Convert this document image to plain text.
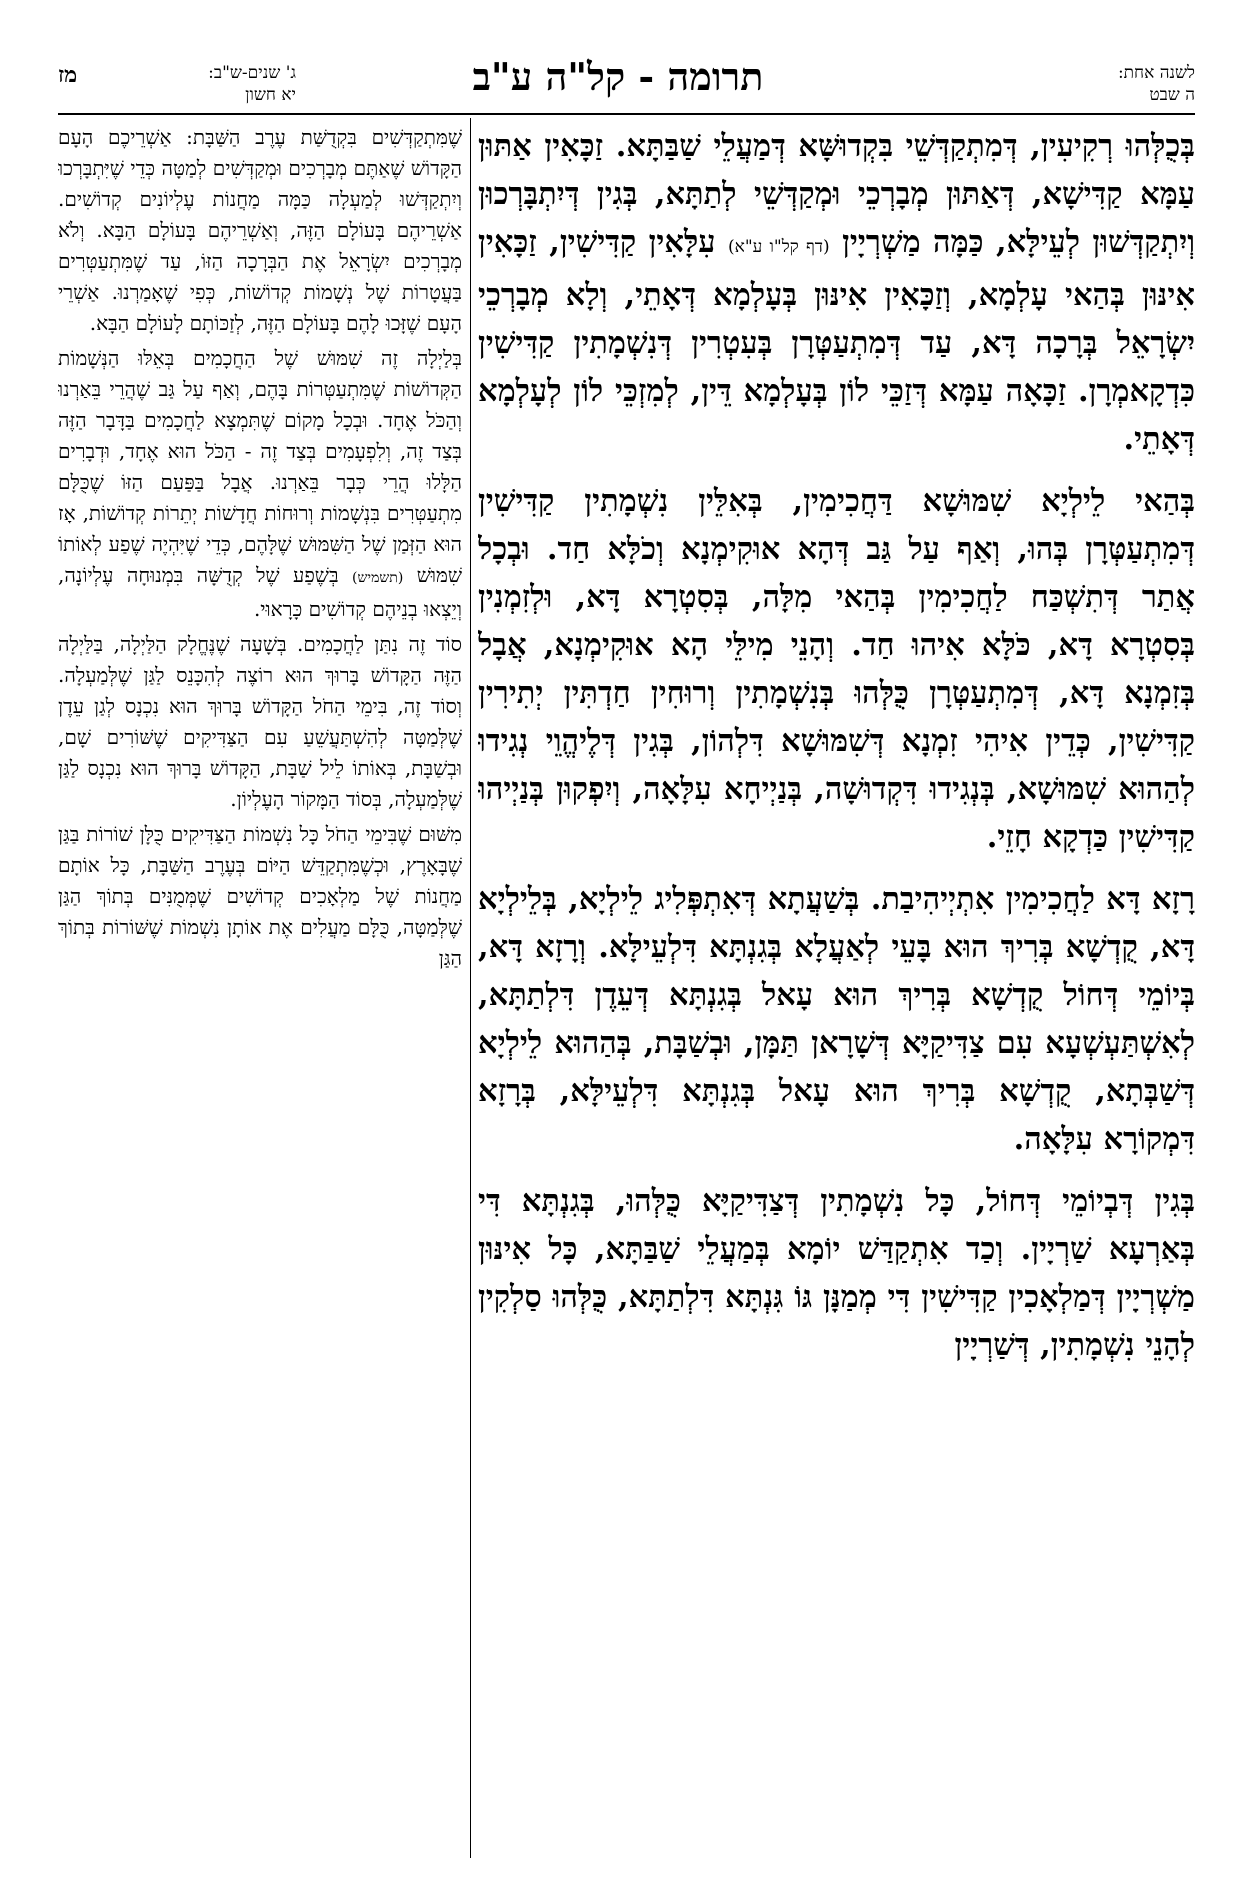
מז	ג' שנים-ש"ב:
יא חשון	תרומה - קל"ה ע"ב	לשנה אחת:
ה שבט

בְּכֻלְּהוּ רְקִיעִין, דְּמִתְקַדְּשֵׁי בִּקְדוּשָּׁא דְּמַעֲלֵי שַׁבַּתָּא. זַכָּאִין אַתּוּן עַמָּא קַדִּישָׁא, דְּאַתּוּן מְבָרְכֵי וּמְקַדְּשֵׁי לְתַתָּא, בְּגִין דְּיִתְבָּרְכוּן וְיִתְקַדְּשׁוּן לְעֵילָּא, כַּמָּה מַשְׁרְיָין (דף קל"ו ע"א) עִלָּאִין קַדִּישִׁין, זַכָּאִין אִינּוּן בְּהַאי עָלְמָא, וְזַכָּאִין אִינּוּן בְּעָלְמָא דְּאָתֵי, וְלָא מְבָרְכֵי יִשְׂרָאֵל בְּרָכָה דָּא, עַד דְּמִתְעַטְּרָן בְּעִטְרִין דְּנִשְׁמָתִין קַדִּישִׁין כִּדְקָאמְרָן. זַכָּאָה עַמָּא דְּזַכֵּי לוֹן בְּעָלְמָא דֵּין, לְמִזְכֵּי לוֹן לְעָלְמָא דְּאָתֵי.

בְּהַאי לֵילְיָא שִׁמּוּשָׁא דַּחֲכִימִין, בְּאִלֵּין נִשְׁמָתִין קַדִּישִׁין דְּמִתְעַטְּרָן בְּהוּ, וְאַף עַל גַּב דְּהָא אוּקִימְנָא וְכֹלָּא חַד. וּבְכָל אֲתַר דְּתִשְׁכַּח לַחֲכִימִין בְּהַאי מִלָּה, בְּסִטְרָא דָּא, וּלְזִמְנִין בְּסִטְרָא דָּא, כֹּלָּא אִיהוּ חַד. וְהָנֵי מִילֵּי הָא אוּקִימְנָא, אֲבָל בְּזִמְנָא דָּא, דְּמִתְעַטְּרָן כֻּלְּהוּ בְּנִשְׁמָתִין וְרוּחִין חַדְתִּין יְתִירִין קַדִּישִׁין, כְּדֵין אִיהִי זִמְנָא דְּשִׁמּוּשָׁא דִּלְהוֹן, בְּגִין דְּלֶיהֱוֵי נְגִידוּ לְהַהוּא שִׁמּוּשָׁא, בְּנְגִידוּ דִּקְדוּשָׁה, בְּנַיְיחָא עִלָּאָה, וְיִפְקוּן בְּנַיְיהוּ קַדִּישִׁין כַּדְקָא חָזֵי.

רָזָא דָּא לַחֲכִימִין אִתְיְיהִיבַת. בְּשַׁעֲתָא דְּאִתְפְּלִיג לֵילְיָא, בְּלֵילְיָא דָּא, קֻדְשָׁא בְּרִיךְ הוּא בָּעֵי לְאַעֲלָא בְּגִנְתָּא דִּלְעֵילָּא. וְרָזָא דָּא, בְּיוֹמֵי דְּחוֹל קֻדְשָׁא בְּרִיךְ הוּא עָאל בְּגִנְתָּא דְּעֵדֶן דִּלְתַתָּא, לְאִשְׁתַּעְשְׁעָא עִם צַדִּיקַיָּא דְּשָׁרָאן תַּמָּן, וּבְשַׁבָּת, בְּהַהוּא לֵילְיָא דְּשַׁבְּתָא, קֻדְשָׁא בְּרִיךְ הוּא עָאל בְּגִנְתָּא דִּלְעֵילָּא, בְּרָזָא דִּמְקוֹרָא עִלָּאָה.

בְּגִין דְּבְיוֹמֵי דְּחוֹל, כָּל נִשְׁמָתִין דְּצַדִּיקַיָּא כֻּלְּהוּ, בְּגִנְתָּא דִּי בְּאַרְעָא שַׁרְיָין. וְכַד אִתְקַדַּשׁ יוֹמָא בְּמַעֲלֵי שַׁבַּתָּא, כָּל אִינּוּן מַשְׁרְיָין דְּמַלְאָכִין קַדִּישִׁין דִּי מְמַנָּן גּוֹ גִּנְתָּא דִּלְתַתָּא, כֻּלְּהוּ סַלְקִין לְהָנֵי נִשְׁמָתִין, דְּשַׁרְיָין

שֶׁמִּתְקַדְּשִׁים בִּקְדֻשַּׁת עֶרֶב הַשַּׁבָּת: אַשְׁרֵיכֶם הָעָם הַקָּדוֹשׁ שֶׁאַתֶּם מְבָרְכִים וּמְקַדְּשִׁים לְמַטָּה כְּדֵי שֶׁיִּתְבָּרְכוּ וְיִתְקַדְּשׁוּ לְמַעְלָה כַּמָּה מַחֲנוֹת עֶלְיוֹנִים קְדוֹשִׁים. אַשְׁרֵיהֶם בָּעוֹלָם הַזֶּה, וְאַשְׁרֵיהֶם בָּעוֹלָם הַבָּא. וְלֹא מְבָרְכִים יִשְׂרָאֵל אֶת הַבְּרָכָה הַזּוֹ, עַד שֶׁמִּתְעַטְּרִים בַּעֲטָרוֹת שֶׁל נְשָׁמוֹת קְדוֹשׁוֹת, כְּפִי שֶׁאָמַרְנוּ. אַשְׁרֵי הָעָם שֶׁזָּכוּ לָהֶם בָּעוֹלָם הַזֶּה, לְזַכּוֹתָם לָעוֹלָם הַבָּא.

בְּלַיְלָה זֶה שִׁמּוּשׁ שֶׁל הַחֲכָמִים בְּאֵלּוּ הַנְּשָׁמוֹת הַקְּדוֹשׁוֹת שֶׁמִּתְעַטְּרוֹת בָּהֶם, וְאַף עַל גַּב שֶׁהֲרֵי בֵּאַרְנוּ וְהַכֹּל אֶחָד. וּבְכָל מָקוֹם שֶׁתִּמְצָא לַחֲכָמִים בַּדָּבָר הַזֶּה בְּצַד זֶה, וְלִפְעָמִים בְּצַד זֶה - הַכֹּל הוּא אֶחָד, וּדְבָרִים הַלָּלוּ הֲרֵי כְּבָר בֵּאַרְנוּ. אֲבָל בַּפַּעַם הַזּוֹ שֶׁכֻּלָּם מִתְעַטְּרִים בִּנְשָׁמוֹת וְרוּחוֹת חֲדָשׁוֹת יְתֵרוֹת קְדוֹשׁוֹת, אָז הוּא הַזְּמַן שֶׁל הַשִּׁמּוּשׁ שֶׁלָּהֶם, כְּדֵי שֶׁיִּהְיֶה שֶׁפַע לְאוֹתוֹ שִׁמּוּשׁ (תשמיש) בְּשֶׁפַע שֶׁל קְדֻשָּׁה בִּמְנוּחָה עֶלְיוֹנָה, וְיֵצְאוּ בְנֵיהֶם קְדוֹשִׁים כָּרָאוּי.

סוֹד זֶה נִתַּן לַחֲכָמִים. בְּשָׁעָה שֶׁנֶּחֱלָק הַלַּיְלָה, בַּלַּיְלָה הַזֶּה הַקָּדוֹשׁ בָּרוּךְ הוּא רוֹצֶה לְהִכָּנֵס לַגַּן שֶׁלְּמַעְלָה. וְסוֹד זֶה, בִּימֵי הַחֹל הַקָּדוֹשׁ בָּרוּךְ הוּא נִכְנָס לְגַן עֵדֶן שֶׁלְּמַטָּה לְהִשְׁתַּעֲשֵׁעַ עִם הַצַּדִּיקִים שֶׁשּׁוֹרִים שָׁם, וּבְשַׁבָּת, בְּאוֹתוֹ לֵיל שַׁבָּת, הַקָּדוֹשׁ בָּרוּךְ הוּא נִכְנָס לַגַּן שֶׁלְּמַעְלָה, בְּסוֹד הַמָּקוֹר הָעֶלְיוֹן.

מִשּׁוּם שֶׁבִּימֵי הַחֹל כָּל נִשְׁמוֹת הַצַּדִּיקִים כֻּלָּן שׁוֹרוֹת בַּגַּן שֶׁבָּאָרֶץ, וּכְשֶׁמִּתְקַדֵּשׁ הַיּוֹם בְּעֶרֶב הַשַּׁבָּת, כָּל אוֹתָם מַחֲנוֹת שֶׁל מַלְאָכִים קְדוֹשִׁים שֶׁמְּמֻנִּים בְּתוֹךְ הַגַּן שֶׁלְּמַטָּה, כֻּלָּם מַעֲלִים אֶת אוֹתָן נִשְׁמוֹת שֶׁשּׁוֹרוֹת בְּתוֹךְ הַגַּן
